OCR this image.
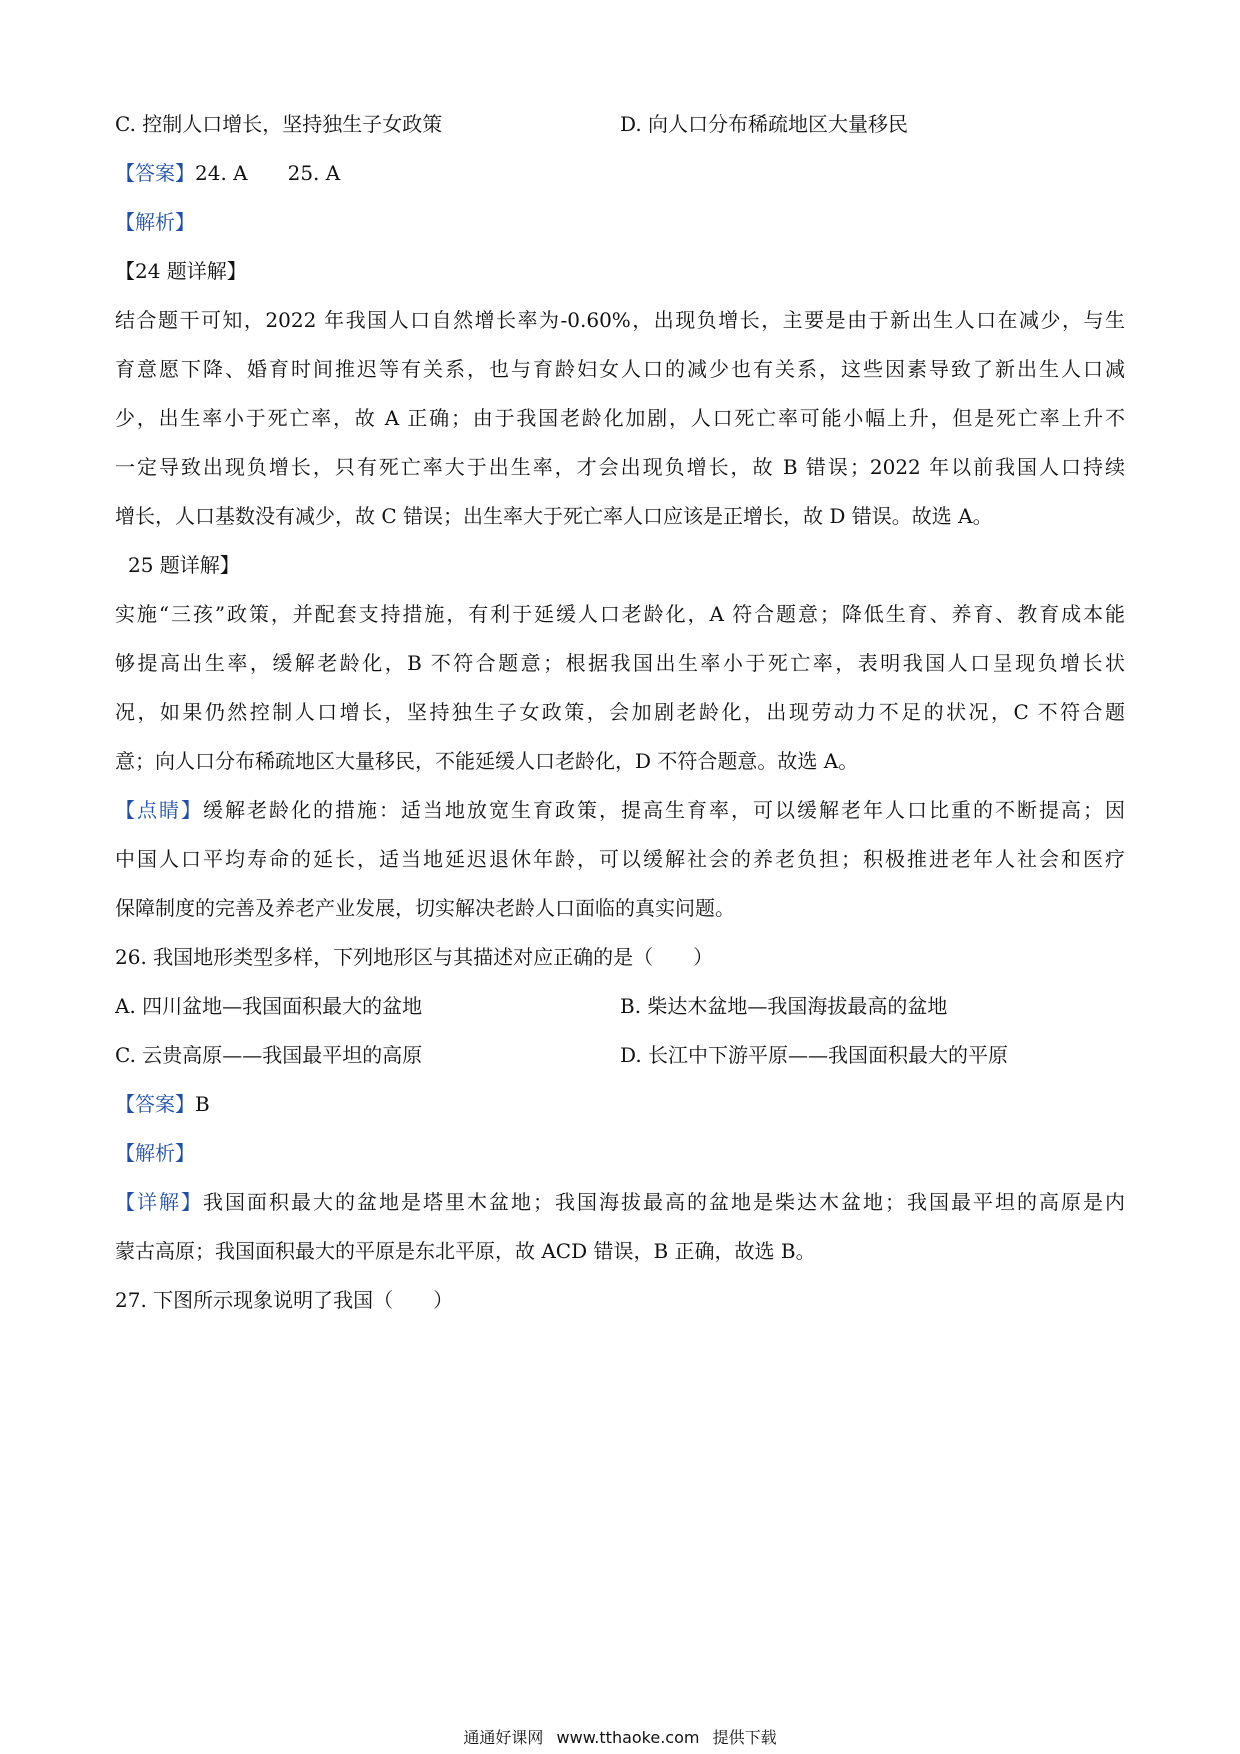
C. 控制人口增长，坚持独生子女政策	D. 向人口分布稀疏地区大量移民
【答案】24. A　　25. A
【解析】
【24 题详解】
结合题干可知，2022 年我国人口自然增长率为-0.60%，出现负增长，主要是由于新出生人口在减少，与生
育意愿下降、婚育时间推迟等有关系，也与育龄妇女人口的减少也有关系，这些因素导致了新出生人口减
少，出生率小于死亡率，故 A 正确；由于我国老龄化加剧，人口死亡率可能小幅上升，但是死亡率上升不
一定导致出现负增长，只有死亡率大于出生率，才会出现负增长，故 B 错误；2022 年以前我国人口持续
增长，人口基数没有减少，故 C 错误；出生率大于死亡率人口应该是正增长，故 D 错误。故选 A。
25 题详解】
实施“三孩”政策，并配套支持措施，有利于延缓人口老龄化，A 符合题意；降低生育、养育、教育成本能
够提高出生率，缓解老龄化，B 不符合题意；根据我国出生率小于死亡率，表明我国人口呈现负增长状
况，如果仍然控制人口增长，坚持独生子女政策，会加剧老龄化，出现劳动力不足的状况，C 不符合题
意；向人口分布稀疏地区大量移民，不能延缓人口老龄化，D 不符合题意。故选 A。
【点睛】缓解老龄化的措施：适当地放宽生育政策，提高生育率，可以缓解老年人口比重的不断提高；因
中国人口平均寿命的延长，适当地延迟退休年龄，可以缓解社会的养老负担；积极推进老年人社会和医疗
保障制度的完善及养老产业发展，切实解决老龄人口面临的真实问题。
26. 我国地形类型多样，下列地形区与其描述对应正确的是（　　）
A. 四川盆地—我国面积最大的盆地	B. 柴达木盆地—我国海拔最高的盆地
C. 云贵高原——我国最平坦的高原	D. 长江中下游平原——我国面积最大的平原
【答案】B
【解析】
【详解】我国面积最大的盆地是塔里木盆地；我国海拔最高的盆地是柴达木盆地；我国最平坦的高原是内
蒙古高原；我国面积最大的平原是东北平原，故 ACD 错误，B 正确，故选 B。
27. 下图所示现象说明了我国（　　）
通通好课网 www.tthaoke.com 提供下载
